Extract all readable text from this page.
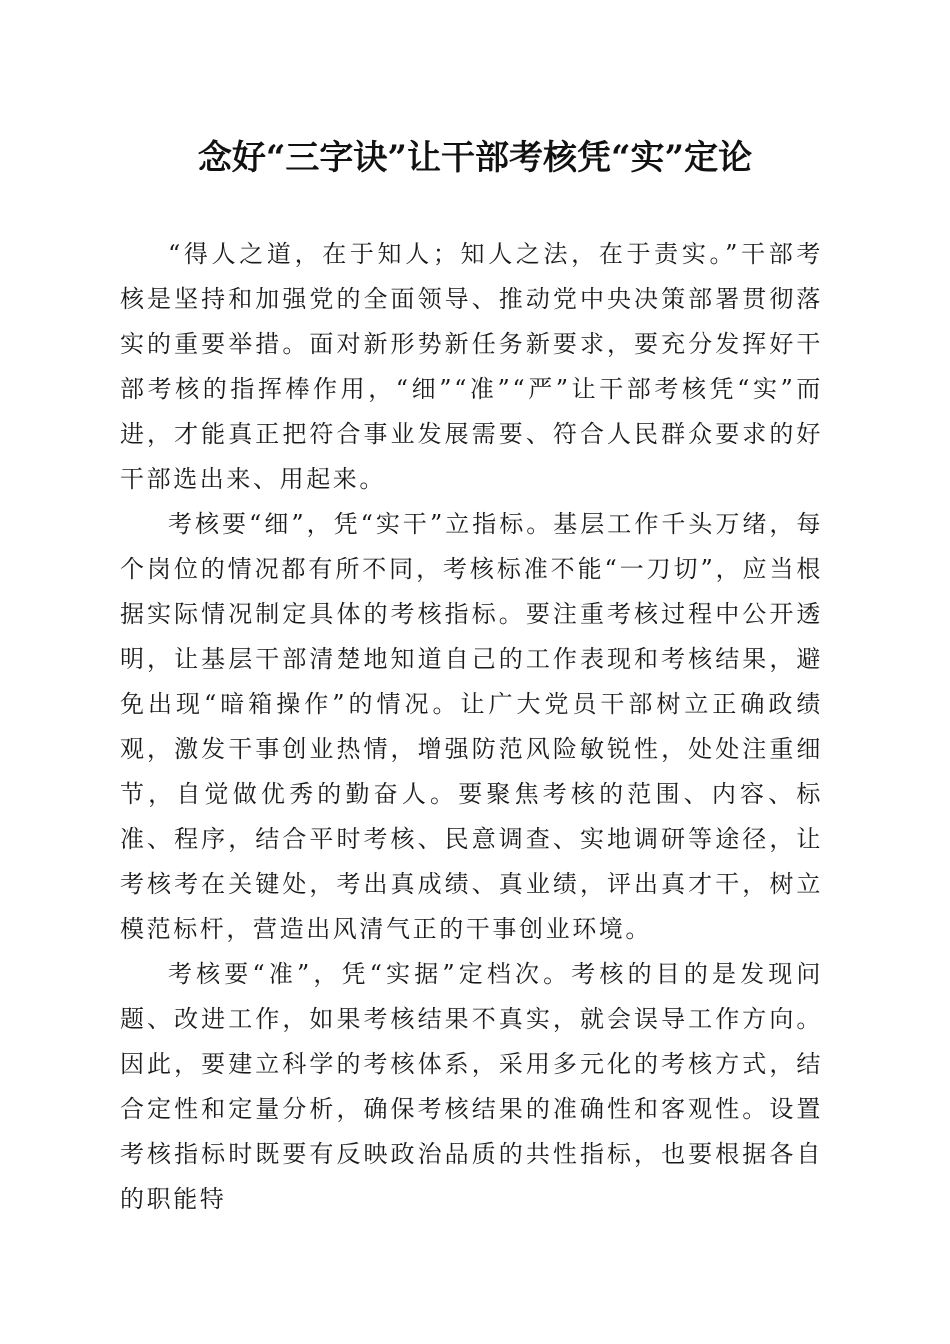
念好“三字诀”让干部考核凭“实”定论

“得人之道，在于知人；知人之法，在于责实。”干部考核是坚持和加强党的全面领导、推动党中央决策部署贯彻落实的重要举措。面对新形势新任务新要求，要充分发挥好干部考核的指挥棒作用，“细”“准”“严”让干部考核凭“实”而进，才能真正把符合事业发展需要、符合人民群众要求的好干部选出来、用起来。

考核要“细”，凭“实干”立指标。基层工作千头万绪，每个岗位的情况都有所不同，考核标准不能“一刀切”，应当根据实际情况制定具体的考核指标。要注重考核过程中公开透明，让基层干部清楚地知道自己的工作表现和考核结果，避免出现“暗箱操作”的情况。让广大党员干部树立正确政绩观，激发干事创业热情，增强防范风险敏锐性，处处注重细节，自觉做优秀的勤奋人。要聚焦考核的范围、内容、标准、程序，结合平时考核、民意调查、实地调研等途径，让考核考在关键处，考出真成绩、真业绩，评出真才干，树立模范标杆，营造出风清气正的干事创业环境。

考核要“准”，凭“实据”定档次。考核的目的是发现问题、改进工作，如果考核结果不真实，就会误导工作方向。因此，要建立科学的考核体系，采用多元化的考核方式，结合定性和定量分析，确保考核结果的准确性和客观性。设置考核指标时既要有反映政治品质的共性指标，也要根据各自的职能特
